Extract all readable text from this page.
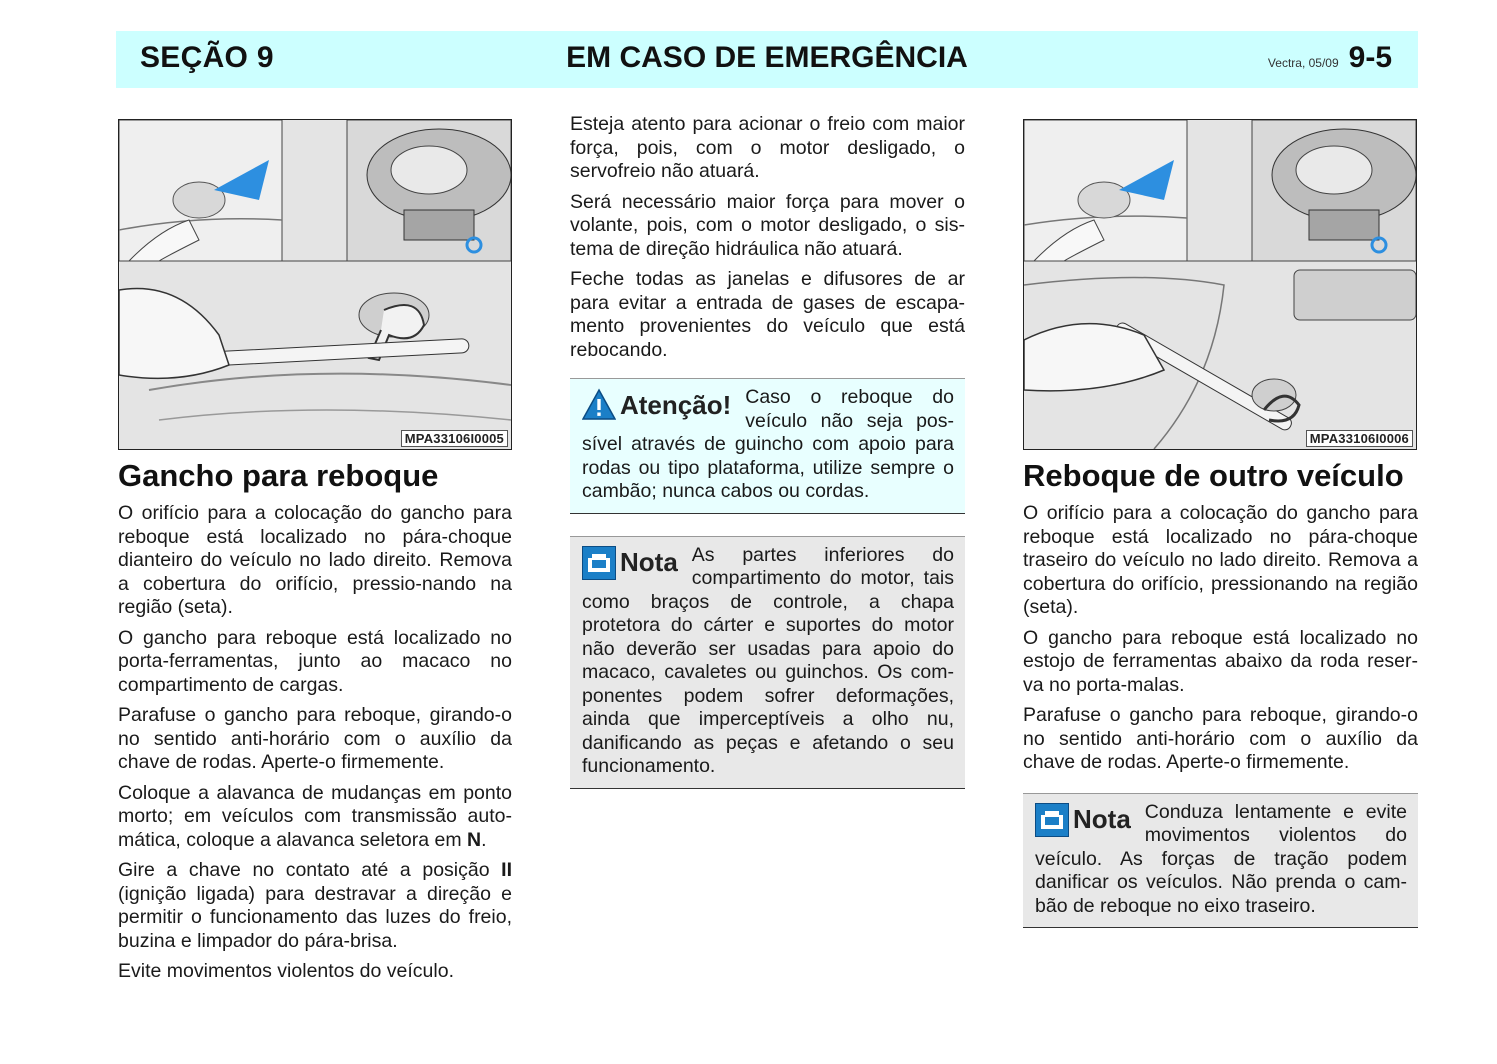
SEÇÃO 9	EM CASO DE EMERGÊNCIA	Vectra, 05/09 9-5
MPA33106I0005
Gancho para reboque

O orifício para a colocação do gancho para reboque está localizado no pára-choque dianteiro do veículo no lado direito. Remova a cobertura do orifício, pressio-nando na região (seta).

O gancho para reboque está localizado no porta-ferramentas, junto ao macaco no compartimento de cargas.

Parafuse o gancho para reboque, girando-o no sentido anti-horário com o auxílio da chave de rodas. Aperte-o firmemente.

Coloque a alavanca de mudanças em ponto morto; em veículos com transmissão auto-mática, coloque a alavanca seletora em N.

Gire a chave no contato até a posição II (ignição ligada) para destravar a direção e permitir o funcionamento das luzes do freio, buzina e limpador do pára-brisa.

Evite movimentos violentos do veículo.

Esteja atento para acionar o freio com maior força, pois, com o motor desligado, o servofreio não atuará.

Será necessário maior força para mover o volante, pois, com o motor desligado, o sis-tema de direção hidráulica não atuará.

Feche todas as janelas e difusores de ar para evitar a entrada de gases de escapa-mento provenientes do veículo que está rebocando.

Atenção! Caso o reboque do veículo não seja pos-sível através de guincho com apoio para rodas ou tipo plataforma, utilize sempre o cambão; nunca cabos ou cordas.

Nota As partes inferiores do compartimento do motor, tais como braços de controle, a chapa protetora do cárter e suportes do motor não deverão ser usadas para apoio do macaco, cavaletes ou guinchos. Os com-ponentes podem sofrer deformações, ainda que imperceptíveis a olho nu, danificando as peças e afetando o seu funcionamento.

MPA33106I0006
Reboque de outro veículo

O orifício para a colocação do gancho para reboque está localizado no pára-choque traseiro do veículo no lado direito. Remova a cobertura do orifício, pressionando na região (seta).

O gancho para reboque está localizado no estojo de ferramentas abaixo da roda reser-va no porta-malas.

Parafuse o gancho para reboque, girando-o no sentido anti-horário com o auxílio da chave de rodas. Aperte-o firmemente.

Nota Conduza lentamente e evite movimentos violentos do veículo. As forças de tração podem danificar os veículos. Não prenda o cam-bão de reboque no eixo traseiro.
